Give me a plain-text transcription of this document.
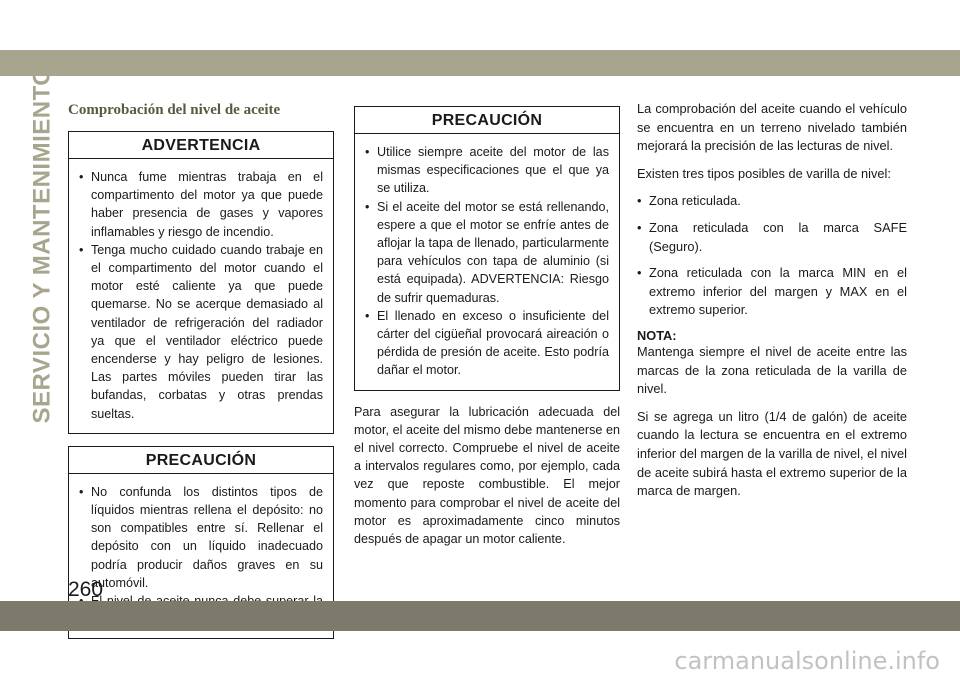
SERVICIO Y MANTENIMIENTO Comprobación del nivel de aceite
ADVERTENCIA
• Nunca fume mientras trabaja en el compartimento del motor ya que puede haber presencia de gases y vapores inflamables y riesgo de incendio.
• Tenga mucho cuidado cuando trabaje en el compartimento del motor cuando el motor esté caliente ya que puede quemarse. No se acerque demasiado al ventilador de refrigeración del radiador ya que el ventilador eléctrico puede encenderse y hay peligro de lesiones. Las partes móviles pueden tirar las bufandas, corbatas y otras prendas sueltas.
PRECAUCIÓN
• No confunda los distintos tipos de líquidos mientras rellena el depósito: no son compatibles entre sí. Rellenar el depósito con un líquido inadecuado podría producir daños graves en su automóvil.
•
PRECAUCIÓN
• Utilice siempre aceite del motor de las mismas especificaciones que el que ya se utiliza.
• Si el aceite del motor se está rellenando, espere a que el motor se enfríe antes de aflojar la tapa de llenado, particularmente para vehículos con tapa de aluminio (si está equipada). ADVERTENCIA: Riesgo de sufrir quemaduras.
• El llenado en exceso o insuficiente del cárter del cigüeñal provocará aireación o pérdida de presión de aceite. Esto podría dañar el motor.

Para asegurar la lubricación adecuada del motor, el aceite del mismo debe mantenerse en el nivel correcto. Compruebe el nivel de aceite a intervalos regulares como, por ejemplo, cada vez que reposte combustible. El mejor momento para comprobar el nivel de aceite del motor es aproximadamente cinco minutos después de apagar un motor caliente.

La comprobación del aceite cuando el vehículo se encuentra en un terreno nivelado también mejorará la precisión de las lecturas de nivel.

Existen tres tipos posibles de varilla de nivel:

• Zona reticulada.
• Zona reticulada con la marca SAFE (Seguro).
• Zona reticulada con la marca MIN en el extremo inferior del margen y MAX en el extremo superior.
NOTA:

Mantenga siempre el nivel de aceite entre las marcas de la zona reticulada de la varilla de nivel.

Si se agrega un litro (1/4 de galón) de aceite cuando la lectura se encuentra en el extremo inferior del margen de la varilla de nivel, el nivel de aceite subirá hasta el extremo superior de la marca de margen.

260
carmanualsonline.info
